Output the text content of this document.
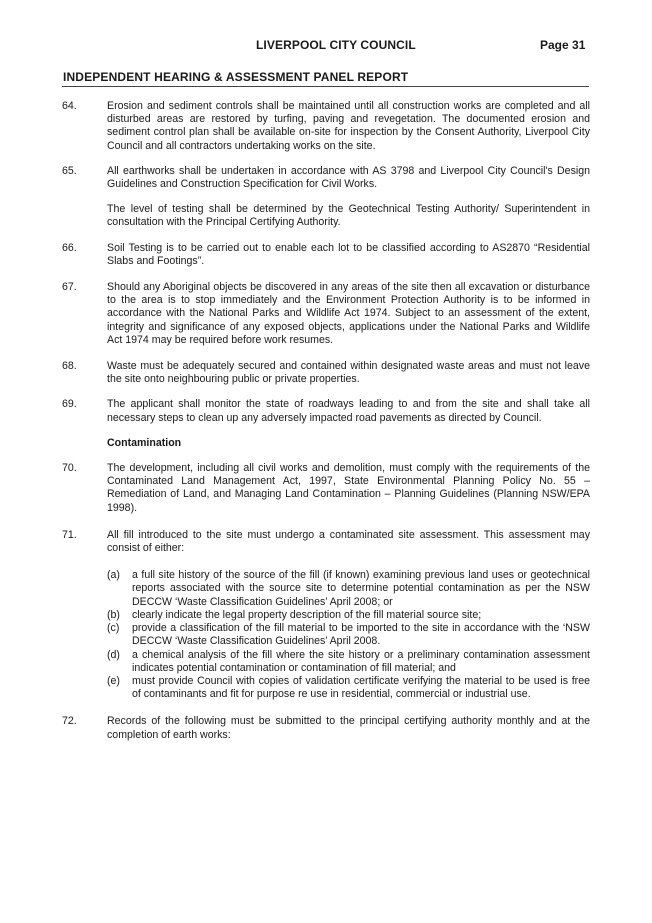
LIVERPOOL CITY COUNCIL	Page 31
INDEPENDENT HEARING & ASSESSMENT PANEL REPORT
64.	Erosion and sediment controls shall be maintained until all construction works are completed and all disturbed areas are restored by turfing, paving and revegetation. The documented erosion and sediment control plan shall be available on-site for inspection by the Consent Authority, Liverpool City Council and all contractors undertaking works on the site.
65.	All earthworks shall be undertaken in accordance with AS 3798 and Liverpool City Council's Design Guidelines and Construction Specification for Civil Works.
The level of testing shall be determined by the Geotechnical Testing Authority/ Superintendent in consultation with the Principal Certifying Authority.
66.	Soil Testing is to be carried out to enable each lot to be classified according to AS2870 “Residential Slabs and Footings”.
67.	Should any Aboriginal objects be discovered in any areas of the site then all excavation or disturbance to the area is to stop immediately and the Environment Protection Authority is to be informed in accordance with the National Parks and Wildlife Act 1974. Subject to an assessment of the extent, integrity and significance of any exposed objects, applications under the National Parks and Wildlife Act 1974 may be required before work resumes.
68.	Waste must be adequately secured and contained within designated waste areas and must not leave the site onto neighbouring public or private properties.
69.	The applicant shall monitor the state of roadways leading to and from the site and shall take all necessary steps to clean up any adversely impacted road pavements as directed by Council.
Contamination
70.	The development, including all civil works and demolition, must comply with the requirements of the Contaminated Land Management Act, 1997, State Environmental Planning Policy No. 55 – Remediation of Land, and Managing Land Contamination – Planning Guidelines (Planning NSW/EPA 1998).
71.	All fill introduced to the site must undergo a contaminated site assessment. This assessment may consist of either:
(a)	a full site history of the source of the fill (if known) examining previous land uses or geotechnical reports associated with the source site to determine potential contamination as per the NSW DECCW ‘Waste Classification Guidelines’ April 2008; or
(b)	clearly indicate the legal property description of the fill material source site;
(c)	provide a classification of the fill material to be imported to the site in accordance with the ‘NSW DECCW ‘Waste Classification Guidelines’ April 2008.
(d)	a chemical analysis of the fill where the site history or a preliminary contamination assessment indicates potential contamination or contamination of fill material; and
(e)	must provide Council with copies of validation certificate verifying the material to be used is free of contaminants and fit for purpose re use in residential, commercial or industrial use.
72.	Records of the following must be submitted to the principal certifying authority monthly and at the completion of earth works:
